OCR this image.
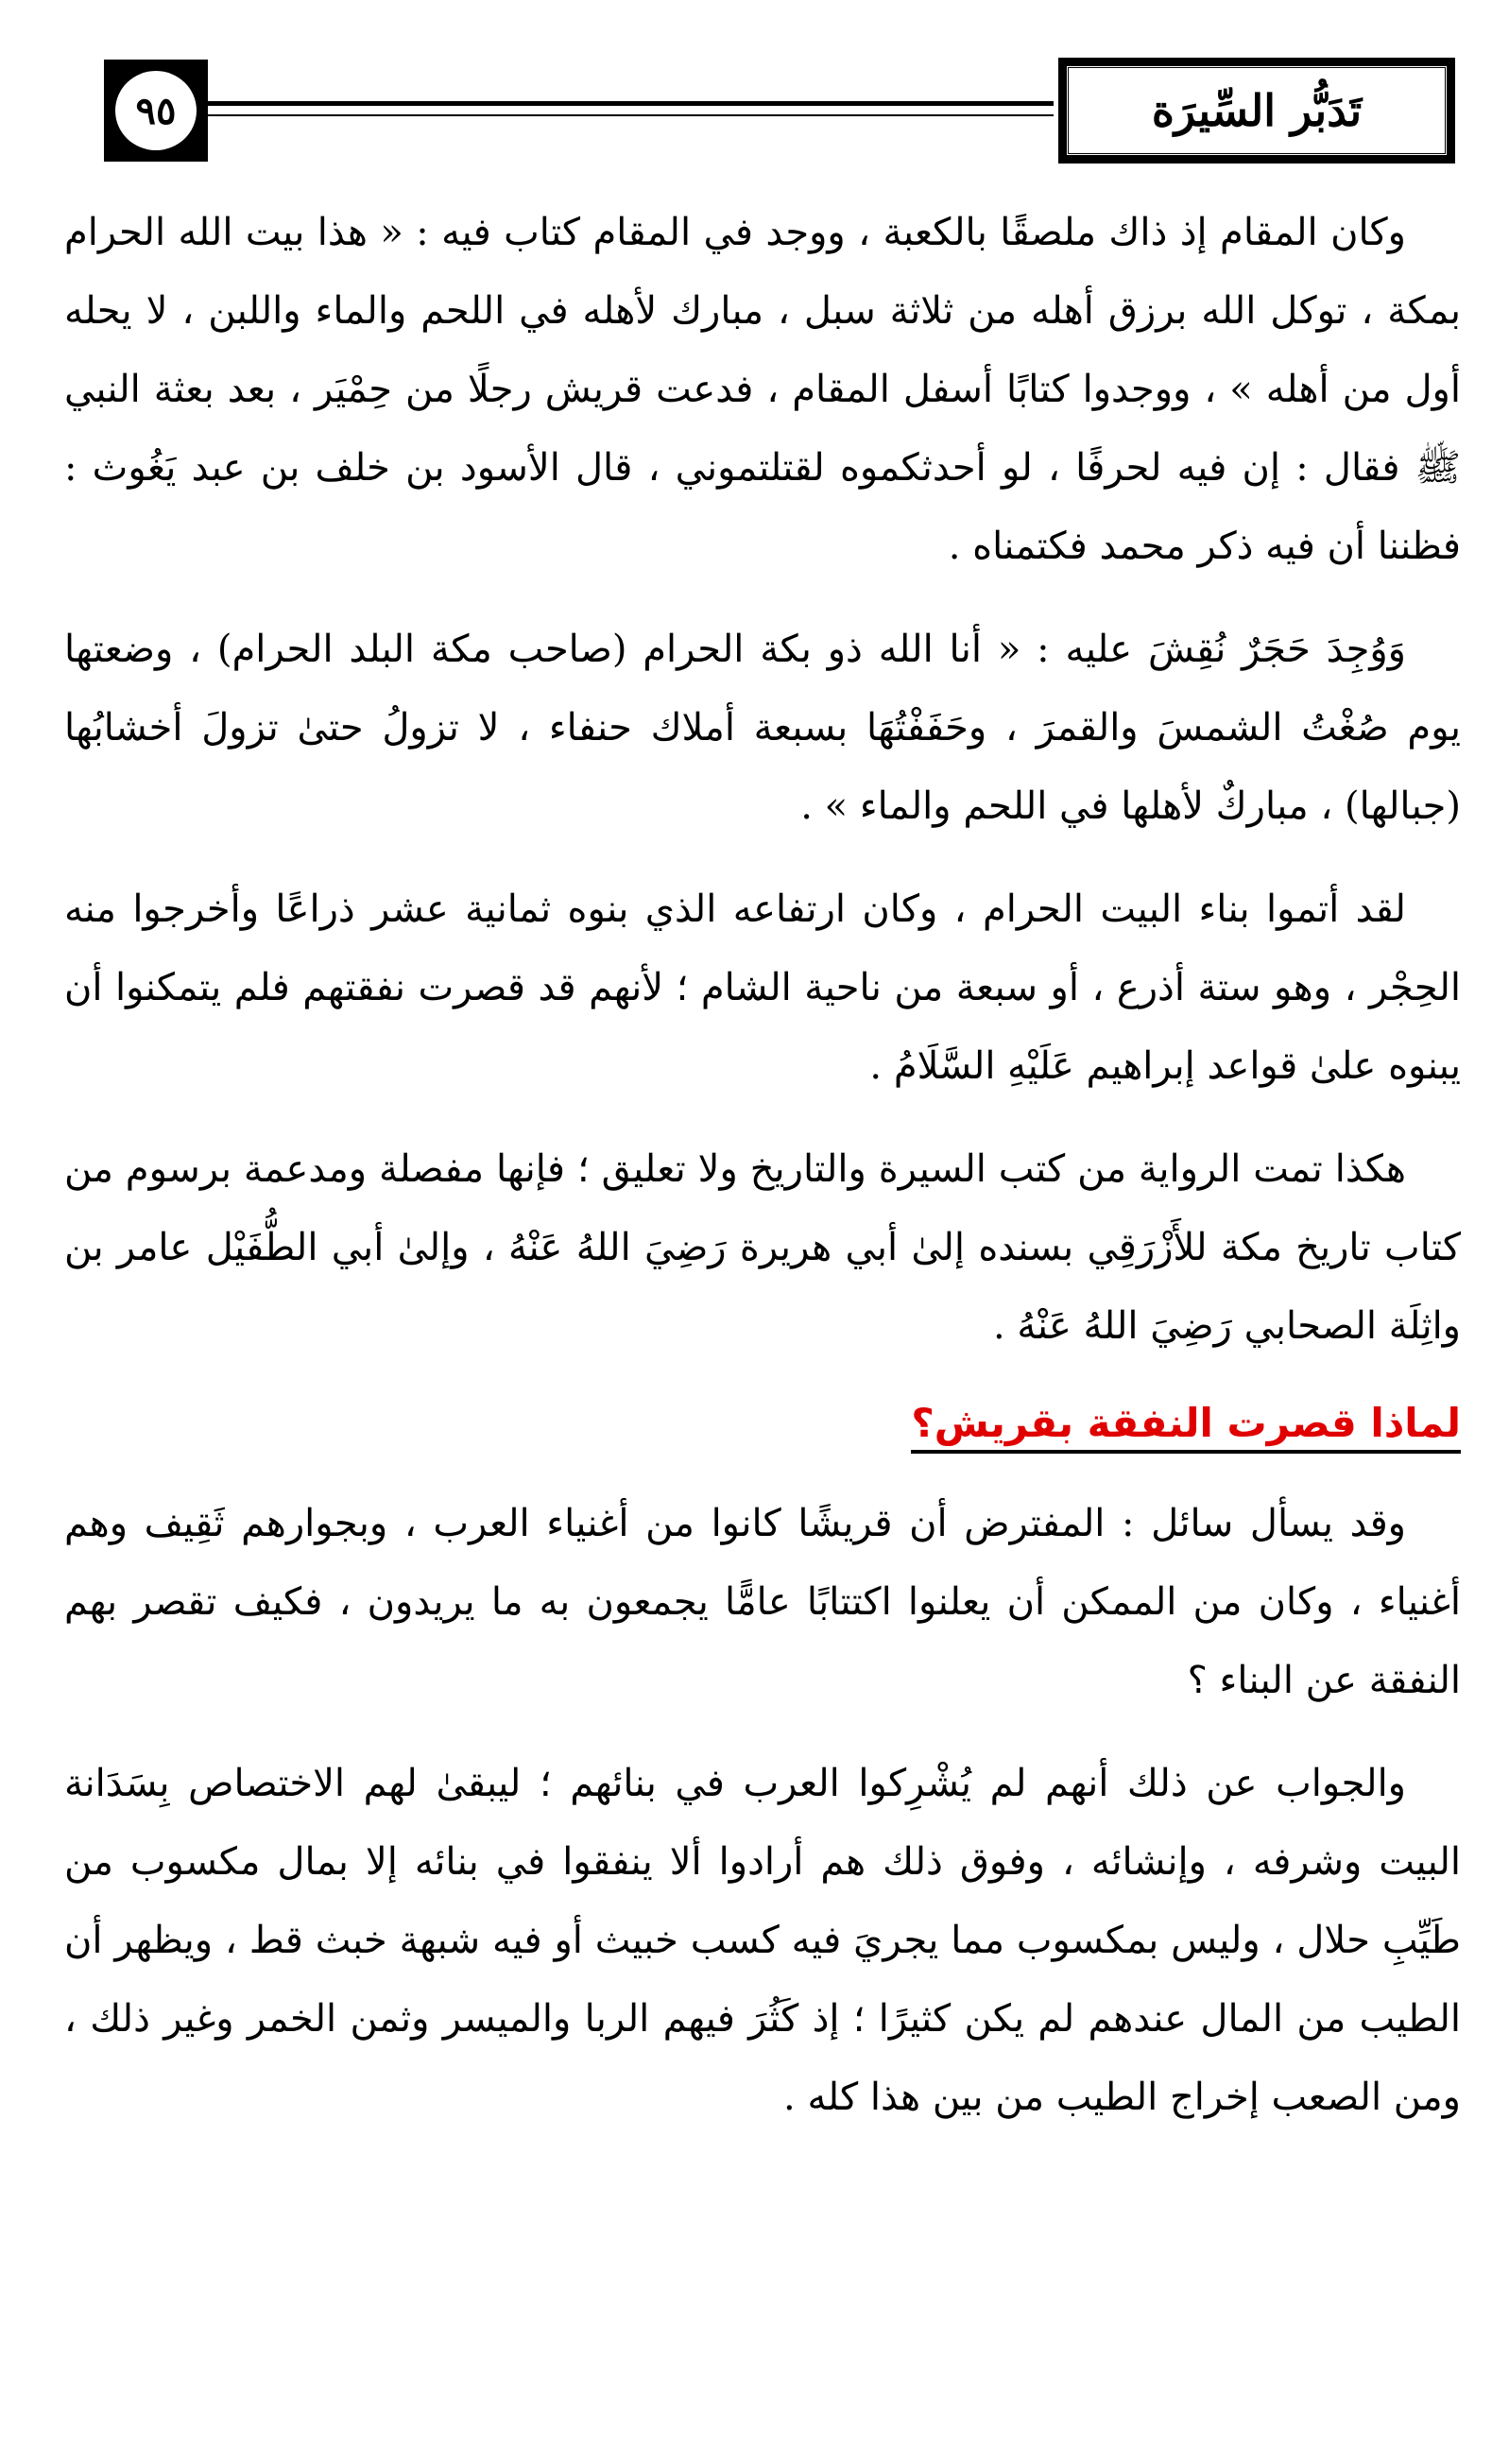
٩٥	تَدَبُّر السِّيرَة

وكان المقام إذ ذاك ملصقًا بالكعبة ، ووجد في المقام كتاب فيه : « هذا بيت الله الحرام بمكة ، توكل الله برزق أهله من ثلاثة سبل ، مبارك لأهله في اللحم والماء واللبن ، لا يحله أول من أهله » ، ووجدوا كتابًا أسفل المقام ، فدعت قريش رجلًا من حِمْيَر ، بعد بعثة النبي ﷺ فقال : إن فيه لحرفًا ، لو أحدثكموه لقتلتموني ، قال الأسود بن خلف بن عبد يَغُوث : فظننا أن فيه ذكر محمد فكتمناه .

وَوُجِدَ حَجَرٌ نُقِشَ عليه : « أنا الله ذو بكة الحرام (صاحب مكة البلد الحرام) ، وضعتها يوم صُغْتُ الشمسَ والقمرَ ، وحَفَفْتُهَا بسبعة أملاك حنفاء ، لا تزولُ حتىٰ تزولَ أخشابُها (جبالها) ، مباركٌ لأهلها في اللحم والماء » .

لقد أتموا بناء البيت الحرام ، وكان ارتفاعه الذي بنوه ثمانية عشر ذراعًا وأخرجوا منه الحِجْر ، وهو ستة أذرع ، أو سبعة من ناحية الشام ؛ لأنهم قد قصرت نفقتهم فلم يتمكنوا أن يبنوه علىٰ قواعد إبراهيم عَلَيْهِ السَّلَامُ .

هكذا تمت الرواية من كتب السيرة والتاريخ ولا تعليق ؛ فإنها مفصلة ومدعمة برسوم من كتاب تاريخ مكة للأَزْرَقِي بسنده إلىٰ أبي هريرة رَضِيَ اللهُ عَنْهُ ، وإلىٰ أبي الطُّفَيْل عامر بن واثِلَة الصحابي رَضِيَ اللهُ عَنْهُ .

لماذا قصرت النفقة بقريش؟

وقد يسأل سائل : المفترض أن قريشًا كانوا من أغنياء العرب ، وبجوارهم ثَقِيف وهم أغنياء ، وكان من الممكن أن يعلنوا اكتتابًا عامًّا يجمعون به ما يريدون ، فكيف تقصر بهم النفقة عن البناء ؟

والجواب عن ذلك أنهم لم يُشْرِكوا العرب في بنائهم ؛ ليبقىٰ لهم الاختصاص بِسَدَانة البيت وشرفه ، وإنشائه ، وفوق ذلك هم أرادوا ألا ينفقوا في بنائه إلا بمال مكسوب من طَيِّبِ حلال ، وليس بمكسوب مما يجريَ فيه كسب خبيث أو فيه شبهة خبث قط ، ويظهر أن الطيب من المال عندهم لم يكن كثيرًا ؛ إذ كَثُرَ فيهم الربا والميسر وثمن الخمر وغير ذلك ، ومن الصعب إخراج الطيب من بين هذا كله .
